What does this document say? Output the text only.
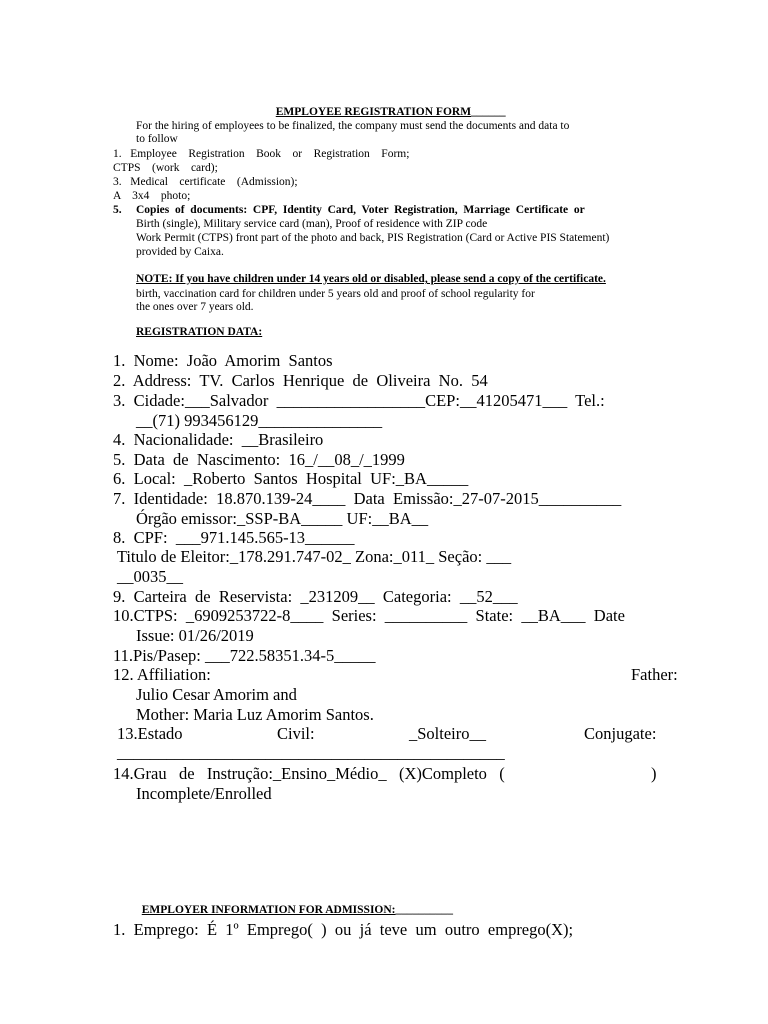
EMPLOYEE REGISTRATION FORM______

For the hiring of employees to be finalized, the company must send the documents and data to
to follow
1.   Employee    Registration    Book    or    Registration    Form;
CTPS    (work    card);
3.   Medical    certificate    (Admission);
A    3x4    photo;
5. Copies  of  documents:  CPF,  Identity  Card,  Voter  Registration,  Marriage  Certificate  or
Birth (single), Military service card (man), Proof of residence with ZIP code
Work Permit (CTPS) front part of the photo and back, PIS Registration (Card or Active PIS Statement)
provided by Caixa.
NOTE: If you have children under 14 years old or disabled, please send a copy of the certificate.
birth, vaccination card for children under 5 years old and proof of school regularity for
the ones over 7 years old.
REGISTRATION DATA:
1.  Nome:  João  Amorim  Santos
2.  Address:  TV.  Carlos  Henrique  de  Oliveira  No.  54
3.  Cidade:___Salvador  __________________CEP:__41205471___  Tel.:
__(71) 993456129_______________
4.  Nacionalidade:  __Brasileiro
5.  Data  de  Nascimento:  16_/__08_/_1999
6.  Local:  _Roberto  Santos  Hospital  UF:_BA_____
7.  Identidade:  18.870.139-24____  Data  Emissão:_27-07-2015__________
Órgão emissor:_SSP-BA_____ UF:__BA__
8.  CPF:  ___971.145.565-13______
Titulo de Eleitor:_178.291.747-02_ Zona:_011_ Seção: ___
__0035__
9.  Carteira  de  Reservista:  _231209__  Categoria:  __52___
10.CTPS:  _6909253722-8____  Series:  __________  State:  __BA___  Date
Issue: 01/26/2019
11.Pis/Pasep: ___722.58351.34-5_____
12. Affiliation:	Father:
Julio Cesar Amorim and
Mother: Maria Luz Amorim Santos.
13.Estado	Civil:	_Solteiro__	Conjugate:
_______________________________________________
14.Grau   de   Instrução:_Ensino_Médio_   (X)Completo   (	)
Incomplete/Enrolled

EMPLOYER INFORMATION FOR ADMISSION:__________

1.  Emprego:  É  1º  Emprego(  )  ou  já  teve  um  outro  emprego(X);
